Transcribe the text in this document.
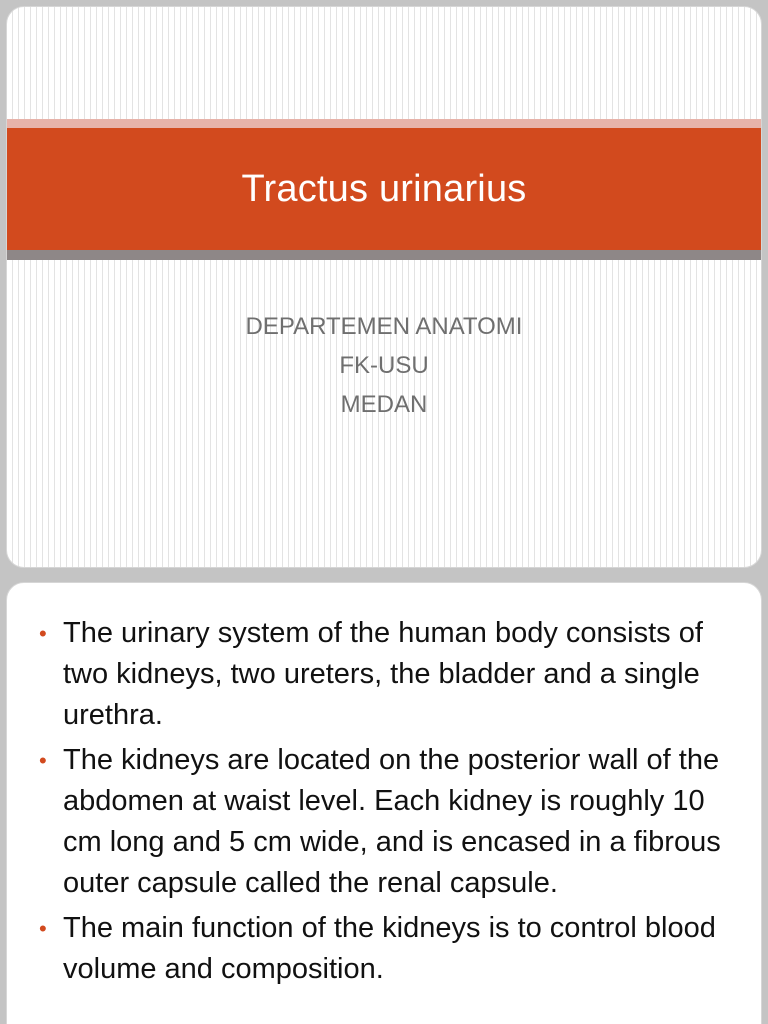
Tractus urinarius
DEPARTEMEN ANATOMI
FK-USU
MEDAN
• The urinary system of the human body consists of two kidneys, two ureters, the bladder and a single urethra.
• The kidneys are located on the posterior wall of the abdomen at waist level. Each kidney is roughly 10 cm long and 5 cm wide, and is encased in a fibrous outer capsule called the renal capsule.
• The main function of the kidneys is to control blood volume and composition.
